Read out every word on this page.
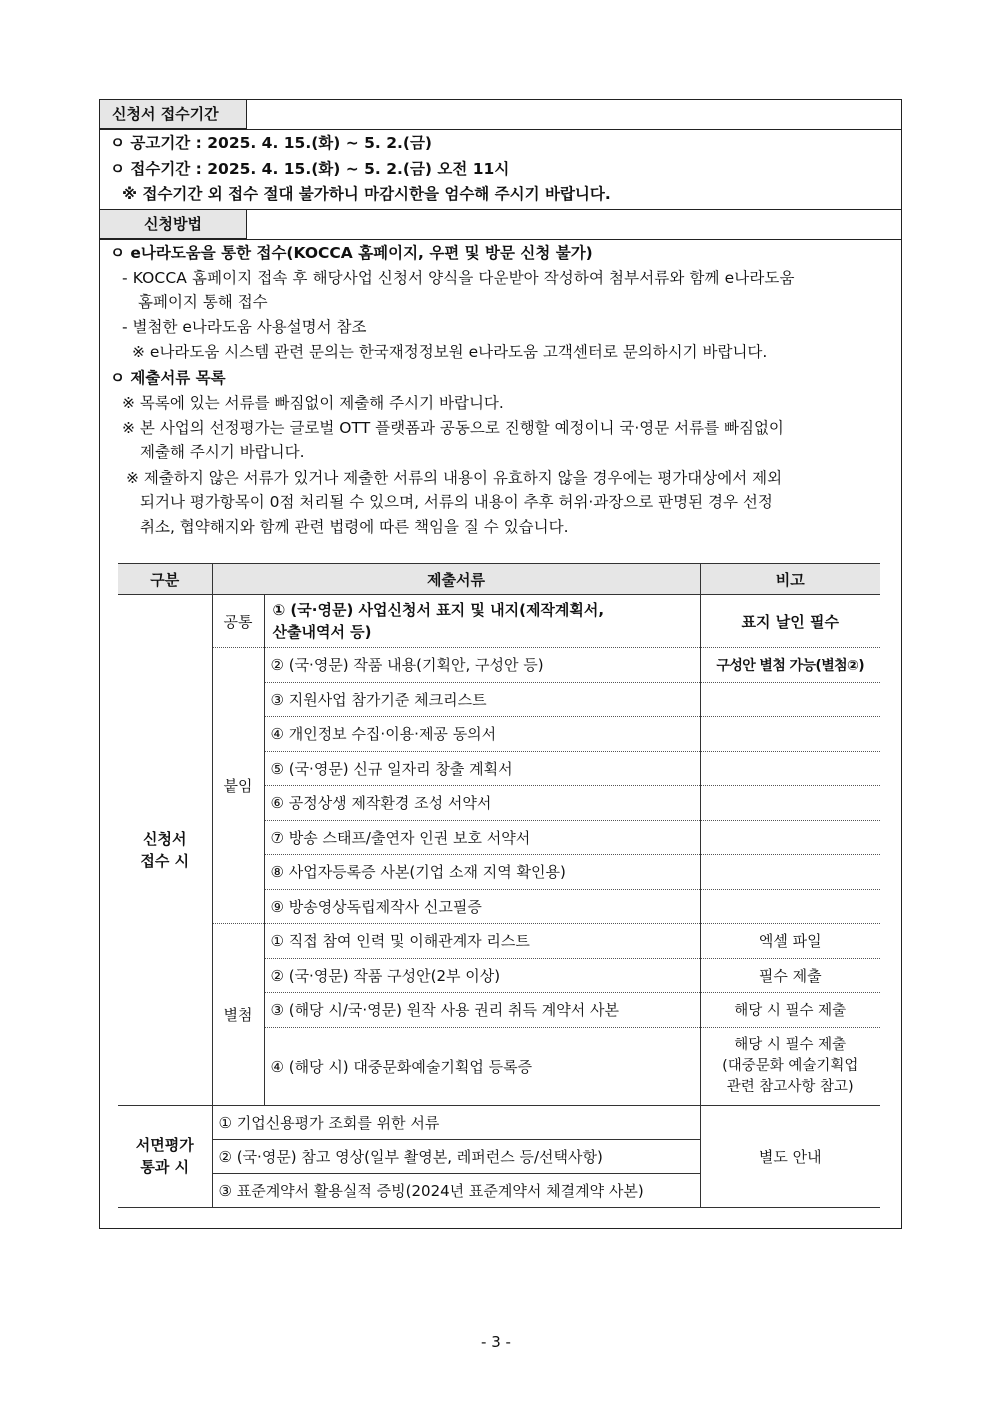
신청서 접수기간
ㅇ 공고기간 : 2025. 4. 15.(화) ~ 5. 2.(금)
ㅇ 접수기간 : 2025. 4. 15.(화) ~ 5. 2.(금) 오전 11시
※ 접수기간 외 접수 절대 불가하니 마감시한을 엄수해 주시기 바랍니다.
신청방법
ㅇ e나라도움을 통한 접수(KOCCA 홈페이지, 우편 및 방문 신청 불가)
- KOCCA 홈페이지 접속 후 해당사업 신청서 양식을 다운받아 작성하여 첨부서류와 함께 e나라도움
홈페이지 통해 접수
- 별첨한 e나라도움 사용설명서 참조
※ e나라도움 시스템 관련 문의는 한국재정정보원 e나라도움 고객센터로 문의하시기 바랍니다.
ㅇ 제출서류 목록
※ 목록에 있는 서류를 빠짐없이 제출해 주시기 바랍니다.
※ 본 사업의 선정평가는 글로벌 OTT 플랫폼과 공동으로 진행할 예정이니 국·영문 서류를 빠짐없이
제출해 주시기 바랍니다.
※ 제출하지 않은 서류가 있거나 제출한 서류의 내용이 유효하지 않을 경우에는 평가대상에서 제외
되거나 평가항목이 0점 처리될 수 있으며, 서류의 내용이 추후 허위·과장으로 판명된 경우 선정
취소, 협약해지와 함께 관련 법령에 따른 책임을 질 수 있습니다.
구분	제출서류		비고
신청서
접수 시	공통	① (국·영문) 사업신청서 표지 및 내지(제작계획서,
산출내역서 등)	표지 날인 필수
	붙임	② (국·영문) 작품 내용(기획안, 구성안 등)	구성안 별첨 가능(별첨②)
		③ 지원사업 참가기준 체크리스트	
		④ 개인정보 수집·이용·제공 동의서	
		⑤ (국·영문) 신규 일자리 창출 계획서	
		⑥ 공정상생 제작환경 조성 서약서	
		⑦ 방송 스태프/출연자 인권 보호 서약서	
		⑧ 사업자등록증 사본(기업 소재 지역 확인용)	
		⑨ 방송영상독립제작사 신고필증	
	별첨	① 직접 참여 인력 및 이해관계자 리스트	엑셀 파일
		② (국·영문) 작품 구성안(2부 이상)	필수 제출
		③ (해당 시/국·영문) 원작 사용 권리 취득 계약서 사본	해당 시 필수 제출
		④ (해당 시) 대중문화예술기획업 등록증	해당 시 필수 제출
(대중문화 예술기획업
관련 참고사항 참고)
서면평가
통과 시	① 기업신용평가 조회를 위한 서류		별도 안내
	② (국·영문) 참고 영상(일부 촬영본, 레퍼런스 등/선택사항)		
	③ 표준계약서 활용실적 증빙(2024년 표준계약서 체결계약 사본)		
- 3 -
